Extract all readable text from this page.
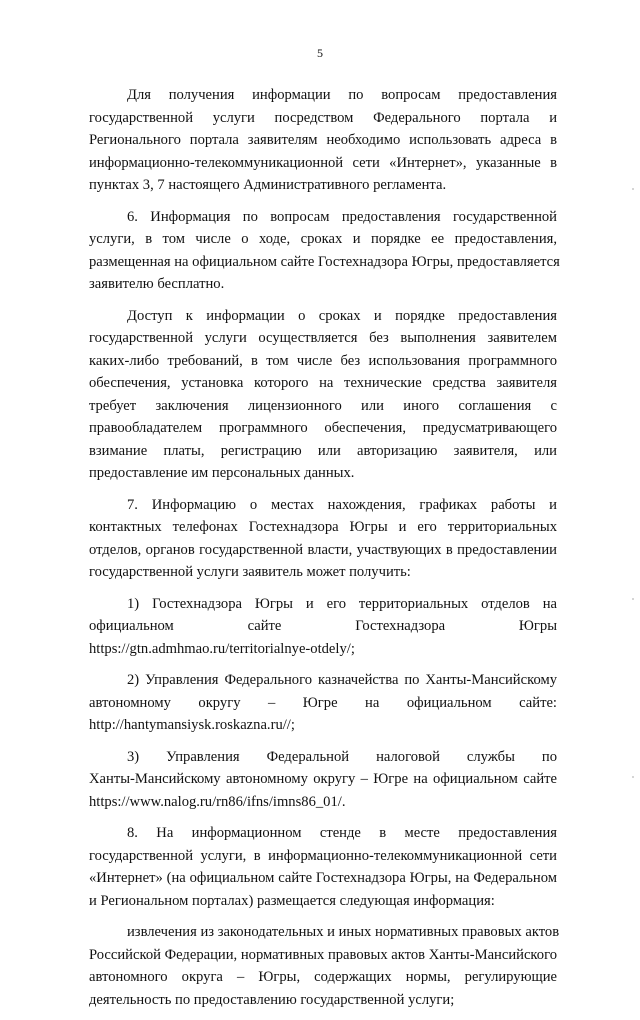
5
Для получения информации по вопросам предоставления
государственной услуги посредством Федерального портала и
Регионального портала заявителям необходимо использовать адреса в
информационно-телекоммуникационной сети «Интернет», указанные в
пунктах 3, 7 настоящего Административного регламента.
6. Информация по вопросам предоставления государственной
услуги, в том числе о ходе, сроках и порядке ее предоставления,
размещенная на официальном сайте Гостехнадзора Югры, предоставляется
заявителю бесплатно.
Доступ к информации о сроках и порядке предоставления
государственной услуги осуществляется без выполнения заявителем
каких-либо требований, в том числе без использования программного
обеспечения, установка которого на технические средства заявителя
требует заключения лицензионного или иного соглашения с
правообладателем программного обеспечения, предусматривающего
взимание платы, регистрацию или авторизацию заявителя, или
предоставление им персональных данных.
7. Информацию о местах нахождения, графиках работы и
контактных телефонах Гостехнадзора Югры и его территориальных
отделов, органов государственной власти, участвующих в предоставлении
государственной услуги заявитель может получить:
1) Гостехнадзора Югры и его территориальных отделов на
официальном сайте Гостехнадзора Югры
https://gtn.admhmao.ru/territorialnye-otdely/;
2) Управления Федерального казначейства по Ханты-Мансийскому
автономному округу – Югре на официальном сайте:
http://hantymansiysk.roskazna.ru//;
3) Управления Федеральной налоговой службы по
Ханты-Мансийскому автономному округу – Югре на официальном сайте
https://www.nalog.ru/rn86/ifns/imns86_01/.
8. На информационном стенде в месте предоставления
государственной услуги, в информационно-телекоммуникационной сети
«Интернет» (на официальном сайте Гостехнадзора Югры, на Федеральном
и Региональном порталах) размещается следующая информация:
извлечения из законодательных и иных нормативных правовых актов
Российской Федерации, нормативных правовых актов Ханты-Мансийского
автономного округа – Югры, содержащих нормы, регулирующие
деятельность по предоставлению государственной услуги;
